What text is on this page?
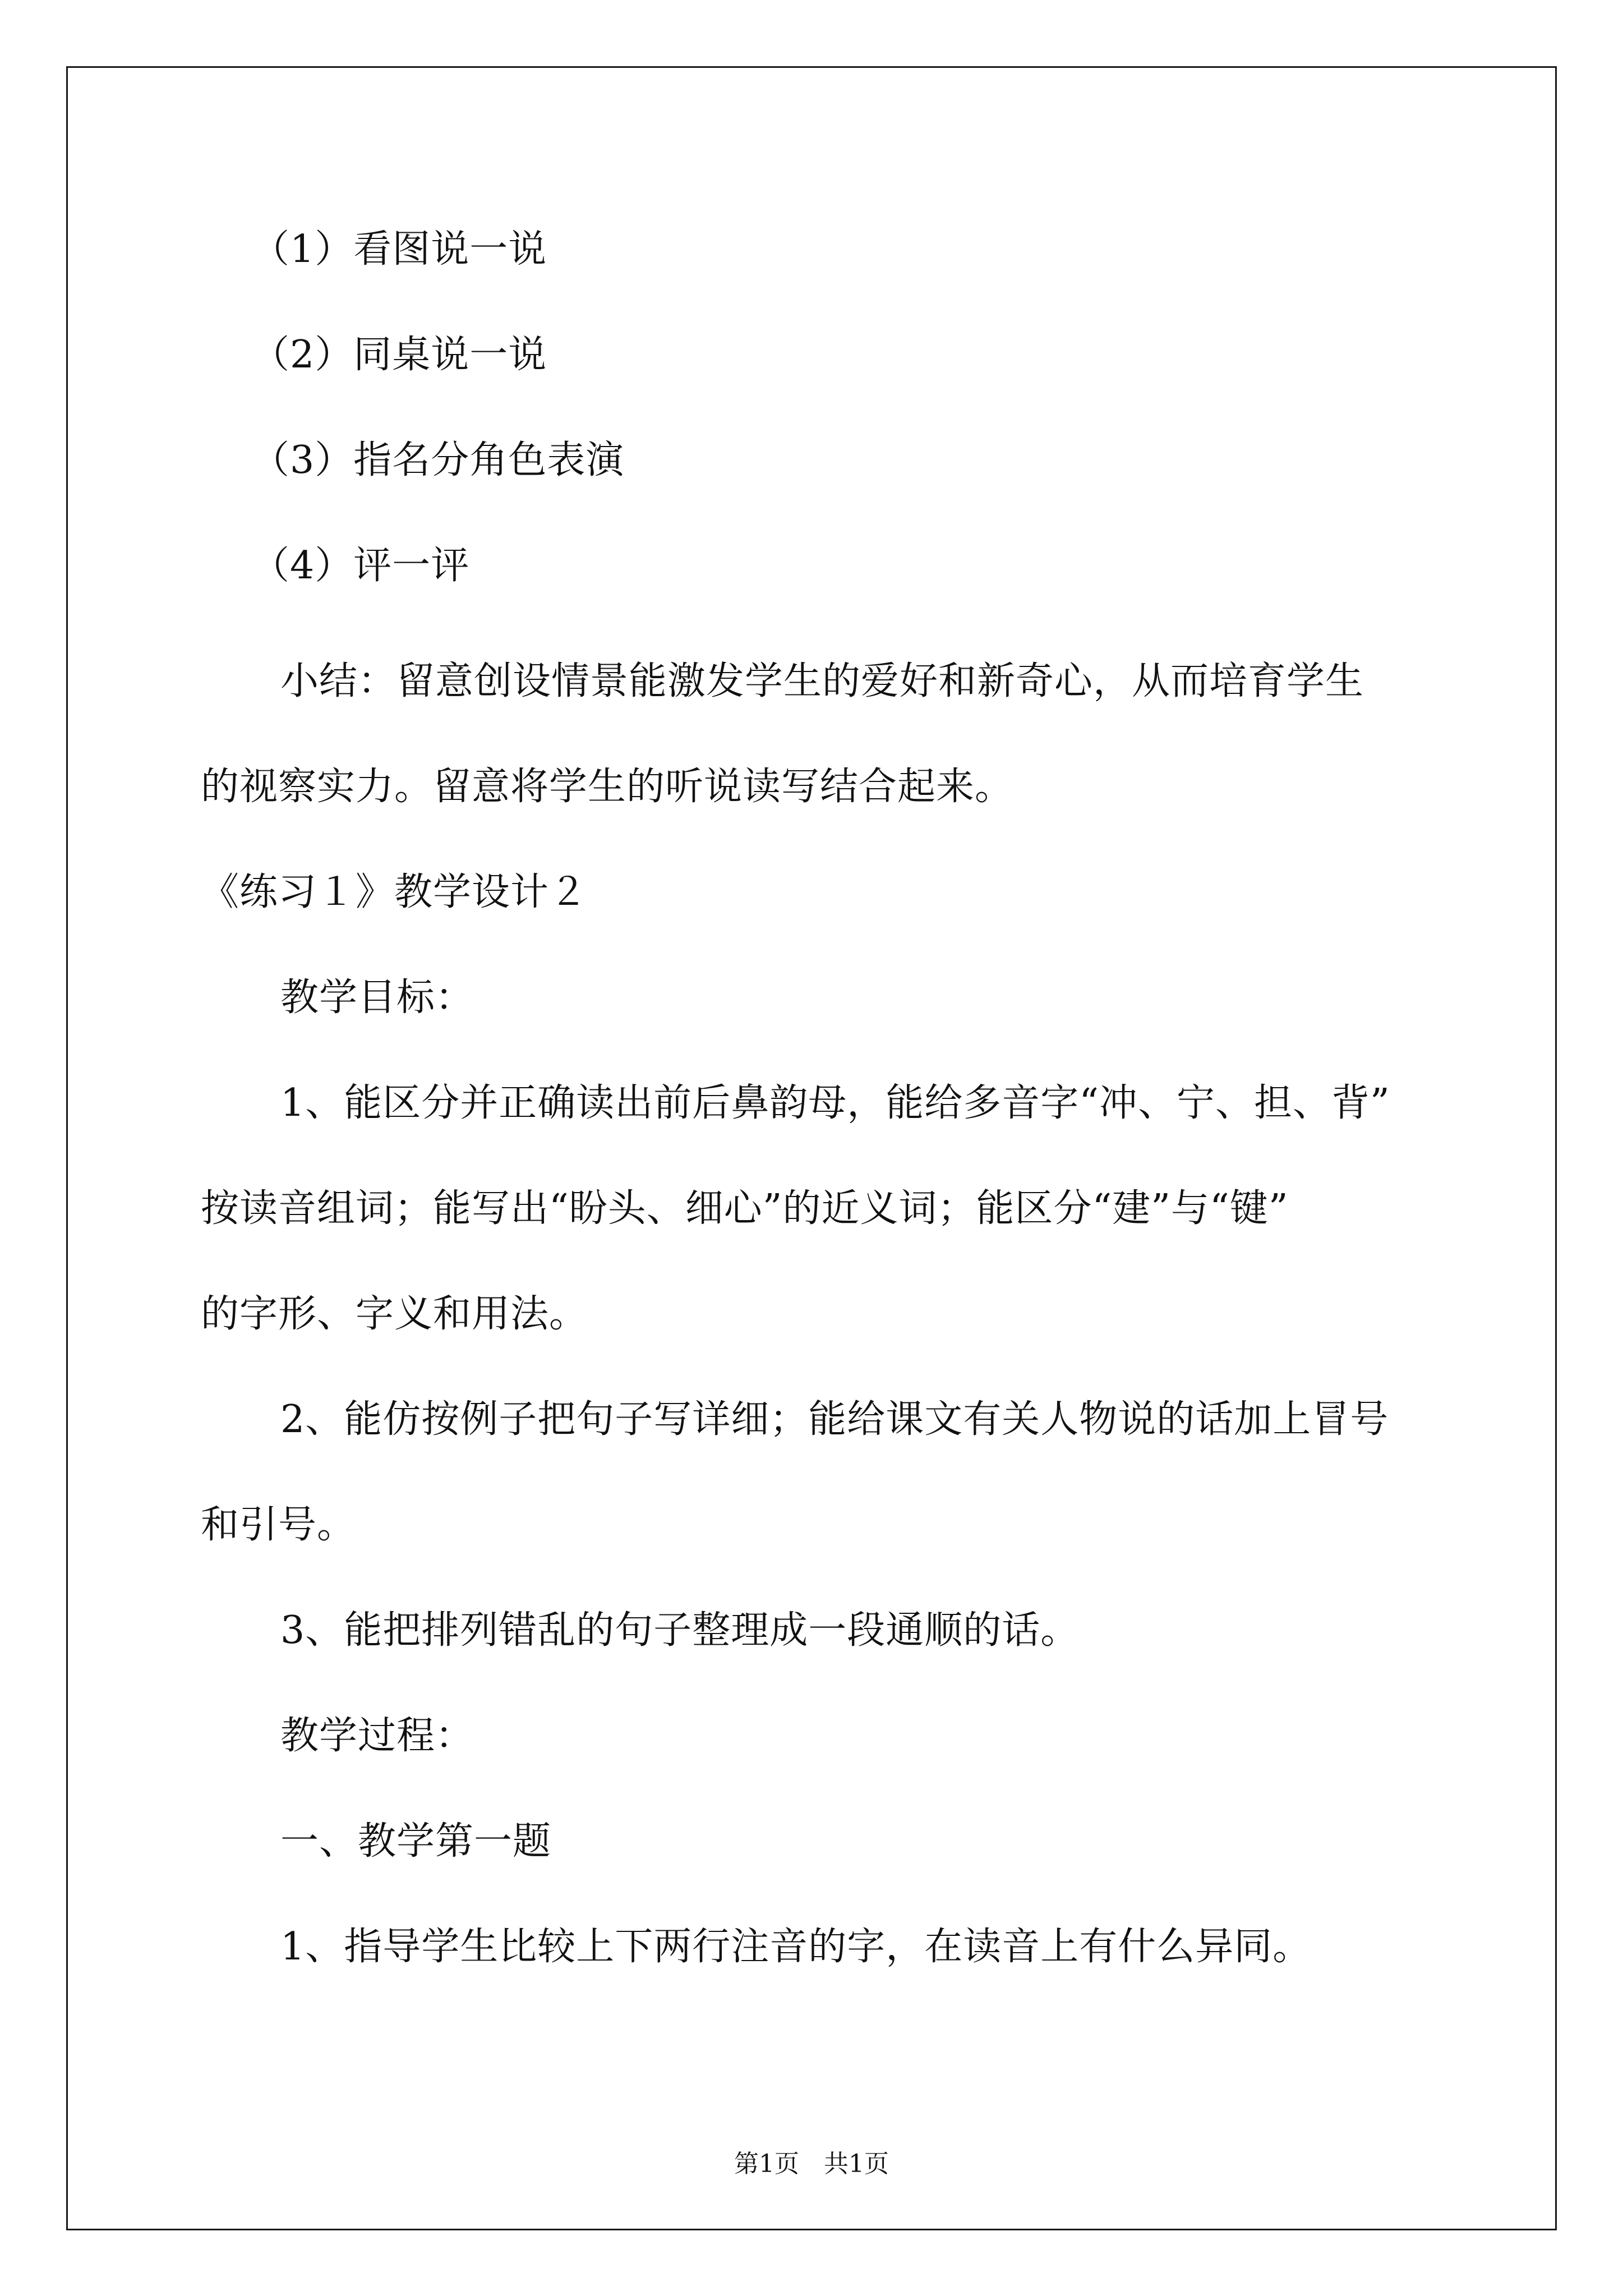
（1）看图说一说
（2）同桌说一说
（3）指名分角色表演
（4）评一评
小结：留意创设情景能激发学生的爱好和新奇心，从而培育学生
的视察实力。留意将学生的听说读写结合起来。
《练习１》教学设计２
教学目标：
1、能区分并正确读出前后鼻韵母，能给多音字“冲、宁、担、背”
按读音组词；能写出“盼头、细心”的近义词；能区分“建”与“键”
的字形、字义和用法。
2、能仿按例子把句子写详细；能给课文有关人物说的话加上冒号
和引号。
3、能把排列错乱的句子整理成一段通顺的话。
教学过程：
一、教学第一题
1、指导学生比较上下两行注音的字，在读音上有什么异同。
第1页　共1页
